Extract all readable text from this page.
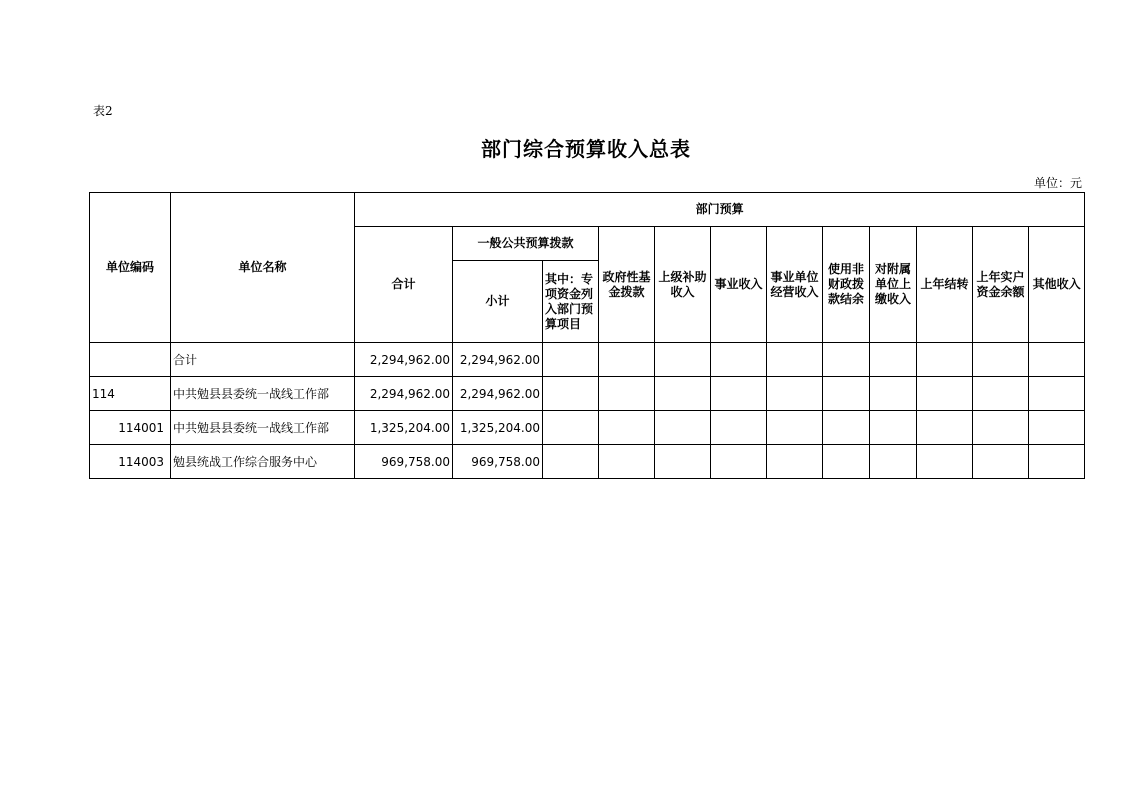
表2
部门综合预算收入总表
单位：元
单位编码	单位名称	部门预算											
		合计	一般公共预算拨款		政府性基金拨款	上级补助收入	事业收入	事业单位经营收入	使用非财政拨款结余	对附属单位上缴收入	上年结转	上年实户资金余额	其他收入
			小计	其中：专项资金列入部门预算项目									
	合计	2,294,962.00	2,294,962.00										
114	中共勉县县委统一战线工作部	2,294,962.00	2,294,962.00										
114001	中共勉县县委统一战线工作部	1,325,204.00	1,325,204.00										
114003	勉县统战工作综合服务中心	969,758.00	969,758.00										
